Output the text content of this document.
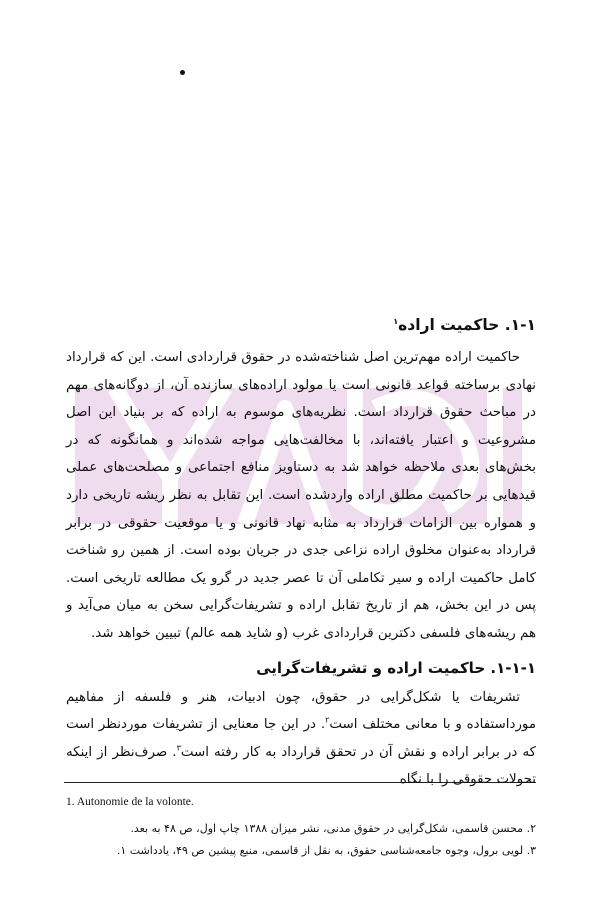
۱-۱. حاکمیت اراده$^۱$

حاکمیت اراده مهم‌ترین اصل شناخته‌شده در حقوق قراردادی است. این که قرارداد نهادی برساخته قواعد قانونی است یا مولود اراده‌های سازنده آن، از دوگانه‌های مهم در مباحث حقوق قرارداد است. نظریه‌های موسوم به اراده که بر بنیاد این اصل مشروعیت و اعتبار یافته‌اند، با مخالفت‌هایی مواجه شده‌اند و همانگونه که در بخش‌های بعدی ملاحظه خواهد شد به دستاویز منافع اجتماعی و مصلحت‌های عملی قیدهایی بر حاکمیت مطلق اراده واردشده است. این تقابل به نظر ریشه تاریخی دارد و همواره بین الزامات قرارداد به مثابه نهاد قانونی و یا موقعیت حقوقی در برابر قرارداد به‌عنوان مخلوق اراده نزاعی جدی در جریان بوده است. از همین رو شناخت کامل حاکمیت اراده و سیر تکاملی آن تا عصر جدید در گرو یک مطالعه تاریخی است. پس در این بخش، هم از تاریخ تقابل اراده و تشریفات‌گرایی سخن به میان می‌آید و هم ریشه‌های فلسفی دکترین قراردادی غرب (و شاید همه عالم) تبیین خواهد شد.

۱-۱-۱. حاکمیت اراده و تشریفات‌گرایی

تشریفات یا شکل‌گرایی در حقوق، چون ادبیات، هنر و فلسفه از مفاهیم مورداستفاده و با معانی مختلف است$^۲$. در این جا معنایی از تشریفات موردنظر است که در برابر اراده و نقش آن در تحقق قرارداد به کار رفته است$^۳$. صرف‌نظر از اینکه تحولات حقوقی را با نگاه

1. Autonomie de la volonte.
۲. محسن قاسمی، شکل‌گرایی در حقوق مدنی، نشر میزان ۱۳۸۸ چاپ اول، ص ۴۸ به بعد.
۳. لویی برول، وجوه جامعه‌شناسی حقوق، به نقل از قاسمی، منبع پیشین ص ۴۹، یادداشت ۱.
